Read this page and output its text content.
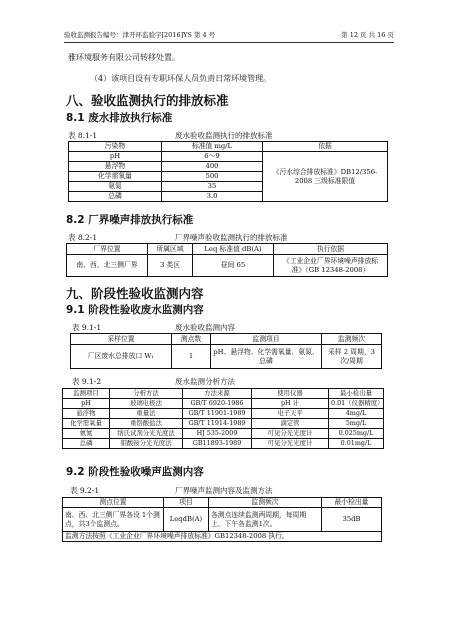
验收监测报告编号：津开环监验字[2016]YS 第 4 号	第 12 页 共 16 页
雅环境服务有限公司转移处置。
（4）该项目设有专职环保人员负责日常环境管理。
八、验收监测执行的排放标准
8.1 废水排放执行标准
表 8.1-1	废水验收监测执行的排放标准
污染物	标准值 mg/L	依据
pH	6～9	《污水综合排放标准》DB12/356-2008 三级标准限值
悬浮物	400	
化学需氧量	500	
氨氮	35	
总磷	3.0	
8.2 厂界噪声排放执行标准
表 8.2-1	厂界噪声验收监测执行的排放标准
厂界位置	所属区域	Leq 标准值 dB(A)	执行依据
南、西、北三侧厂界	3 类区	昼间 65	《工业企业厂界环境噪声排放标准》（GB 12348-2008）
九、阶段性验收监测内容
9.1 阶段性验收废水监测内容
表 9.1-1	废水验收监测内容
采样位置	测点数	监测项目	监测频次
厂区废水总排放口 W₁	1	pH、悬浮物、化学需氧量、氨氮、总磷	采样 2 周期，3 次/周期
表 9.1-2	废水监测分析方法
监测项目	分析方法	方法来源	使用仪器	最小检出量
pH	玻璃电极法	GB/T 6920-1986	pH 计	0.01（仪器精度）
悬浮物	重量法	GB/T 11901-1989	电子天平	4mg/L
化学需氧量	重铬酸盐法	GB/T 11914-1989	滴定管	5mg/L
氨氮	纳氏试剂分光光度法	HJ 535-2009	可见分光光度计	0.025mg/L
总磷	钼酸铵分光光度法	GB11893-1989	可见分光光度计	0.01mg/L
9.2 阶段性验收噪声监测内容
表 9.2-1	厂界噪声监测内容及监测方法
测点位置	项目	监测频次	最小检出量
南、西、北三侧厂界各设 1个测点，共3个监测点。	LeqdB(A)	各测点连续监测两周期，每周期上、下午各监测1次。	35dB
监测方法按照《工业企业厂界环境噪声排放标准》GB12348-2008 执行。			
